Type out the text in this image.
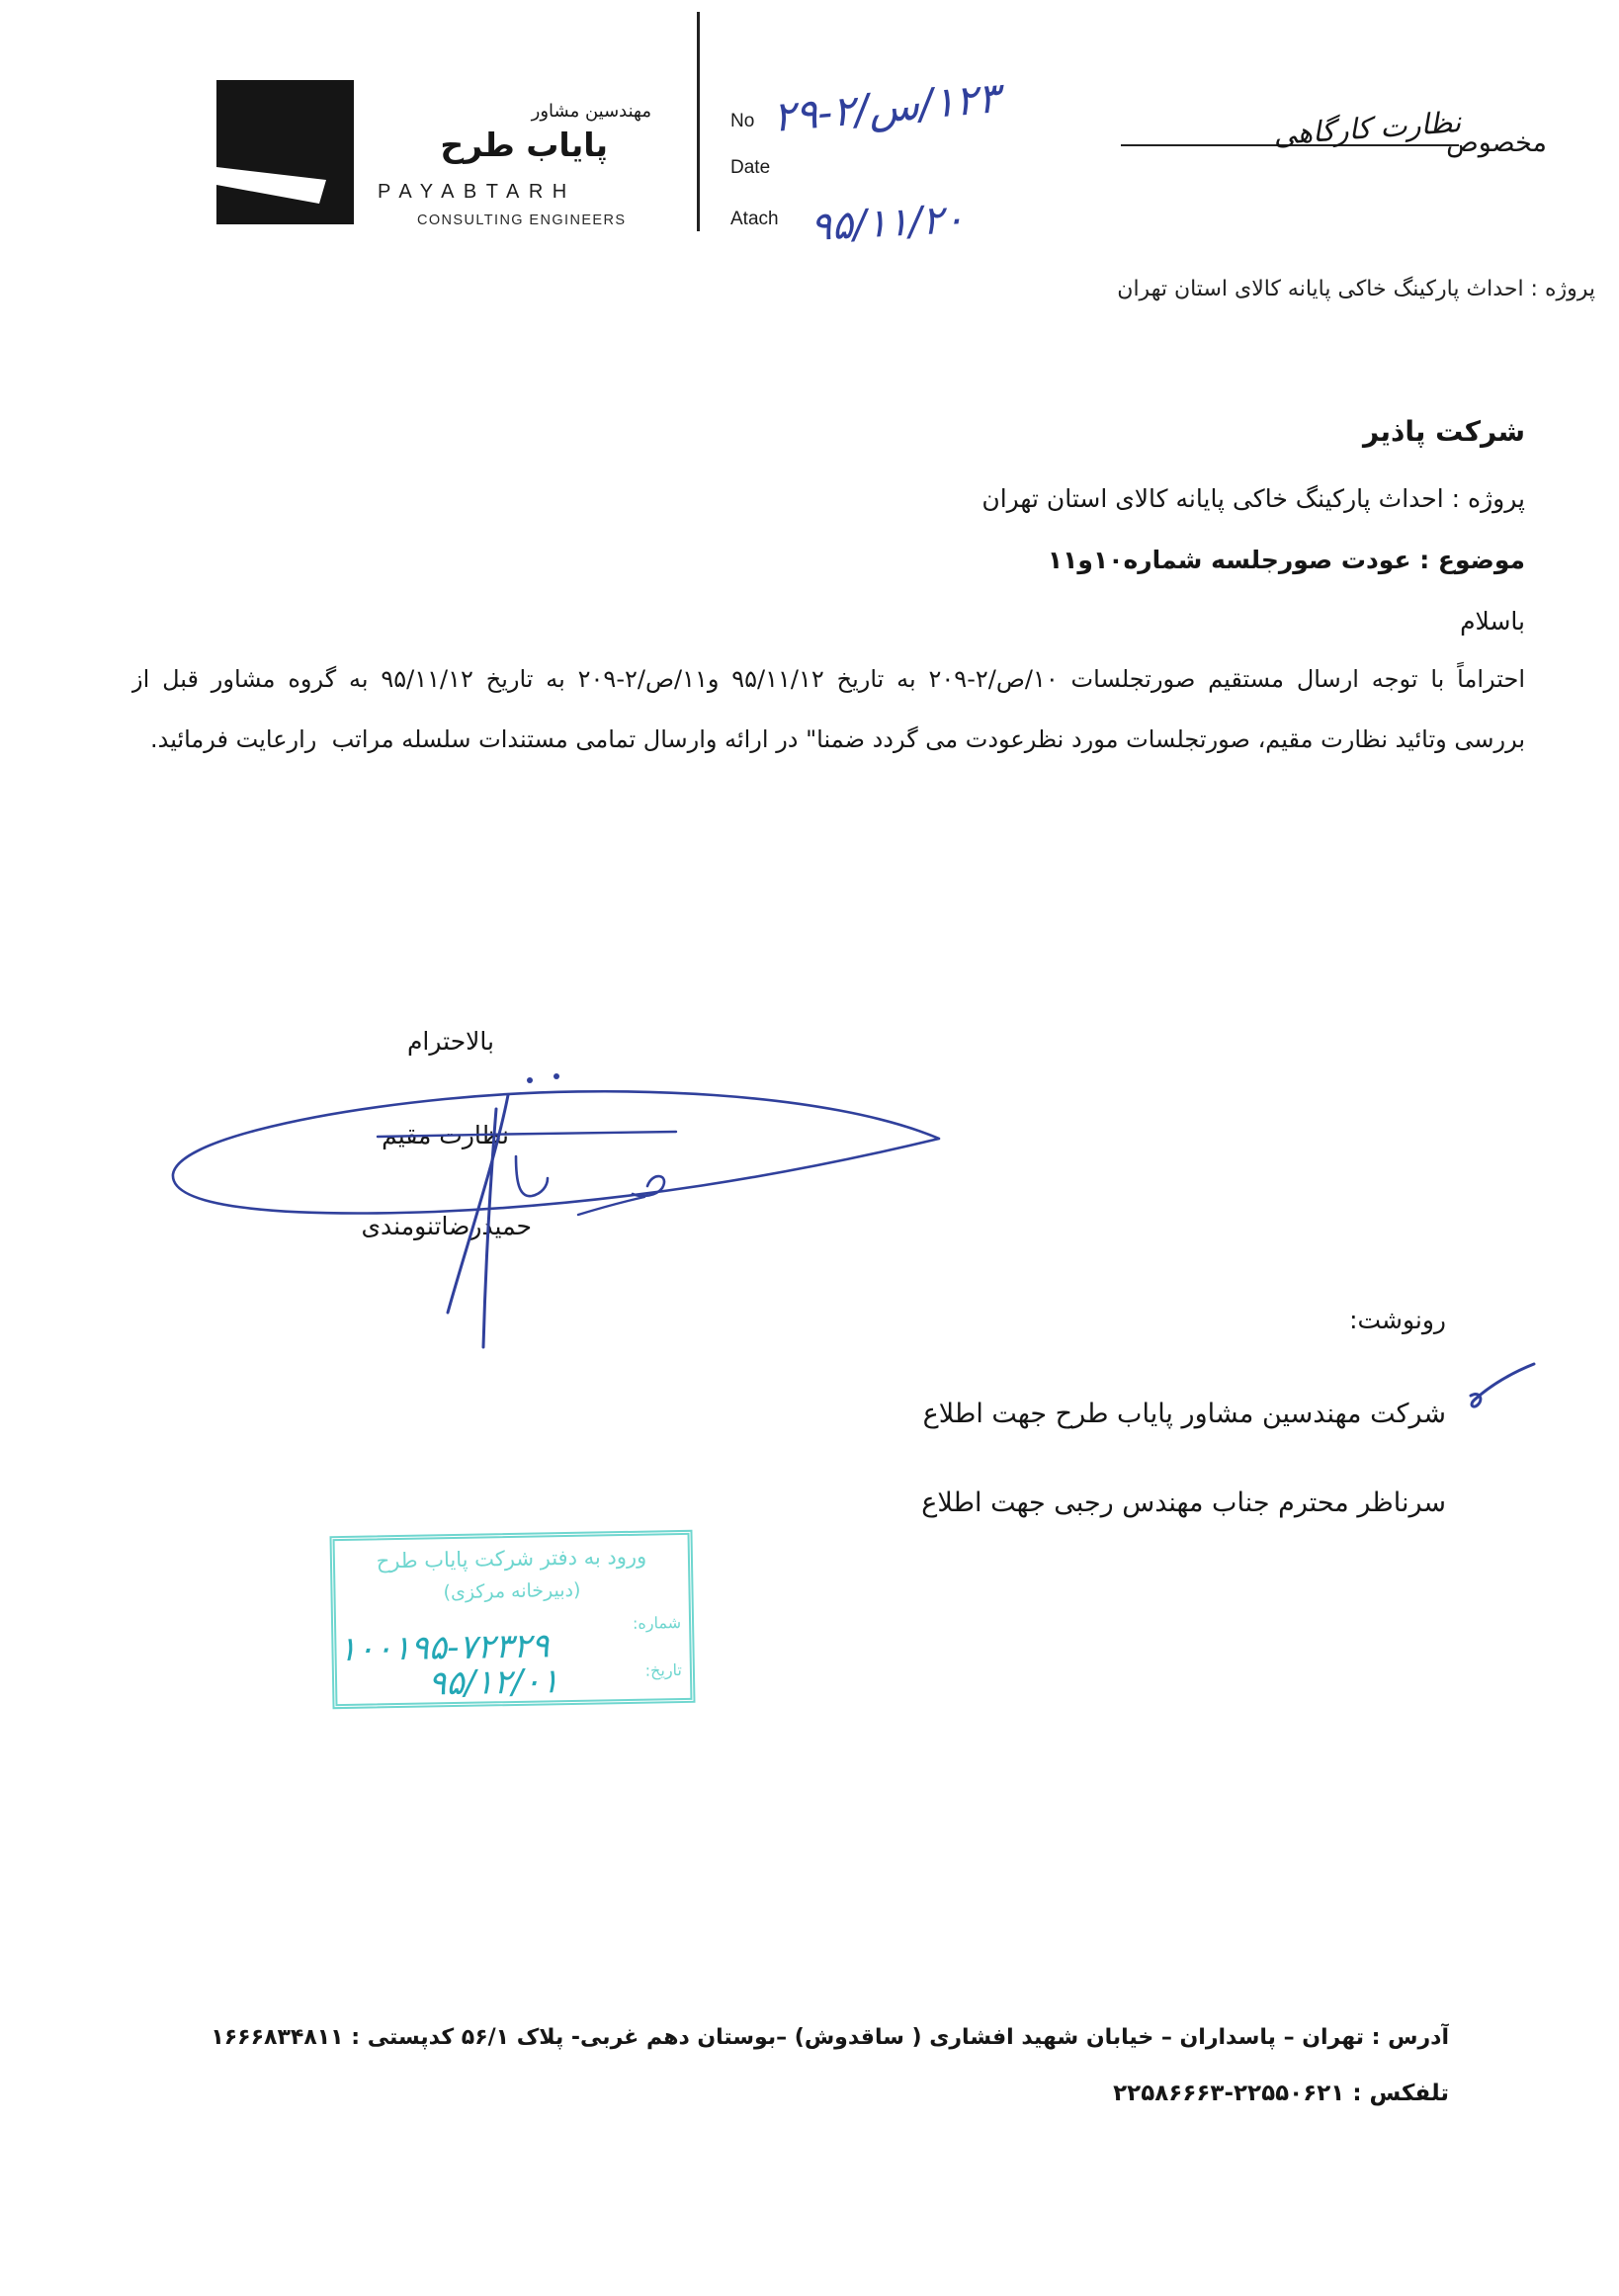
مهندسین مشاور
پایاب طرح
PAYABTARH
CONSULTING ENGINEERS
No
Date
Atach
۲۹-۲/س/۱۲۳
۹۵/۱۱/۲۰
مخصوص
نظارت کارگاهی
پروژه : احداث پارکینگ خاکی پایانه کالای استان تهران
شرکت پاذیر
پروژه : احداث پارکینگ خاکی پایانه کالای استان تهران
موضوع : عودت صورجلسه شماره۱۰و۱۱
باسلام
احتراماً با توجه ارسال مستقیم صورتجلسات ۱۰/ص/۲-۲۰۹ به تاریخ ۹۵/۱۱/۱۲ و۱۱/ص/۲-۲۰۹ به تاریخ ۹۵/۱۱/۱۲ به گروه مشاور قبل از
بررسی وتائید نظارت مقیم، صورتجلسات مورد نظرعودت می گردد ضمنا" در ارائه وارسال تمامی مستندات سلسله مراتب  رارعایت فرمائید.
بالاحترام
نظارت مقیم
حمیدرضاتنومندی
رونوشت:
شرکت مهندسین مشاور پایاب طرح جهت اطلاع
سرناظر محترم جناب مهندس رجبی جهت اطلاع
ورود به دفتر شرکت پایاب طرح
(دبیرخانه مرکزی)
شماره:
تاریخ:
۱۰۰۱۹۵-۷۲۳۲۹
۹۵/۱۲/۰۱
آدرس : تهران – پاسداران – خیابان شهید افشاری ( ساقدوش) –بوستان دهم غربی- پلاک ۵۶/۱ کدپستی : ۱۶۶۶۸۳۴۸۱۱
تلفکس : ۲۲۵۵۰۶۲۱-۲۲۵۸۶۶۶۳
